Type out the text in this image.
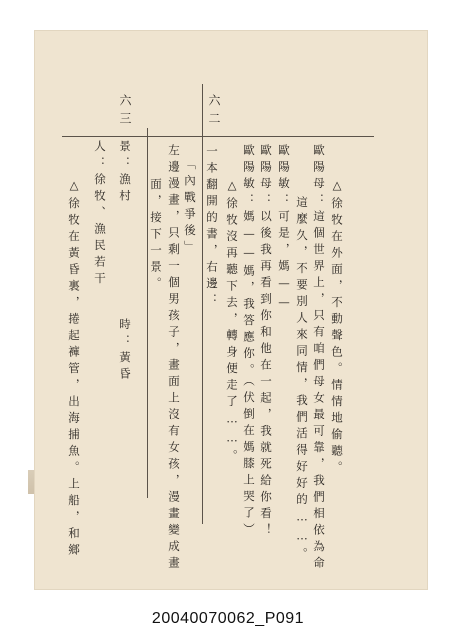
六二
六三
△徐牧在外面，不動聲色。情情地偷聽。
歐陽母：這個世界上，只有咱們母女最可靠，我們相依為命
這麼久，不要別人來同情，我們活得好好的……。
歐陽敏：可是，媽——
歐陽母：以後我再看到你和他在一起，我就死給你看！
歐陽敏：媽——媽，我答應你。（伏倒在媽膝上哭了）
△徐牧沒再聽下去，轉身便走了……。
一本翻開的書，右邊：
「內戰爭後」
左邊漫畫，只剩一個男孩子，畫面上沒有女孩，漫畫變成畫
面，接下一景。
景：漁村
時：黃昏
人：徐牧、漁民若干
△徐牧在黃昏裏，捲起褲管，出海捕魚。上船，和鄉
20040070062_P091
